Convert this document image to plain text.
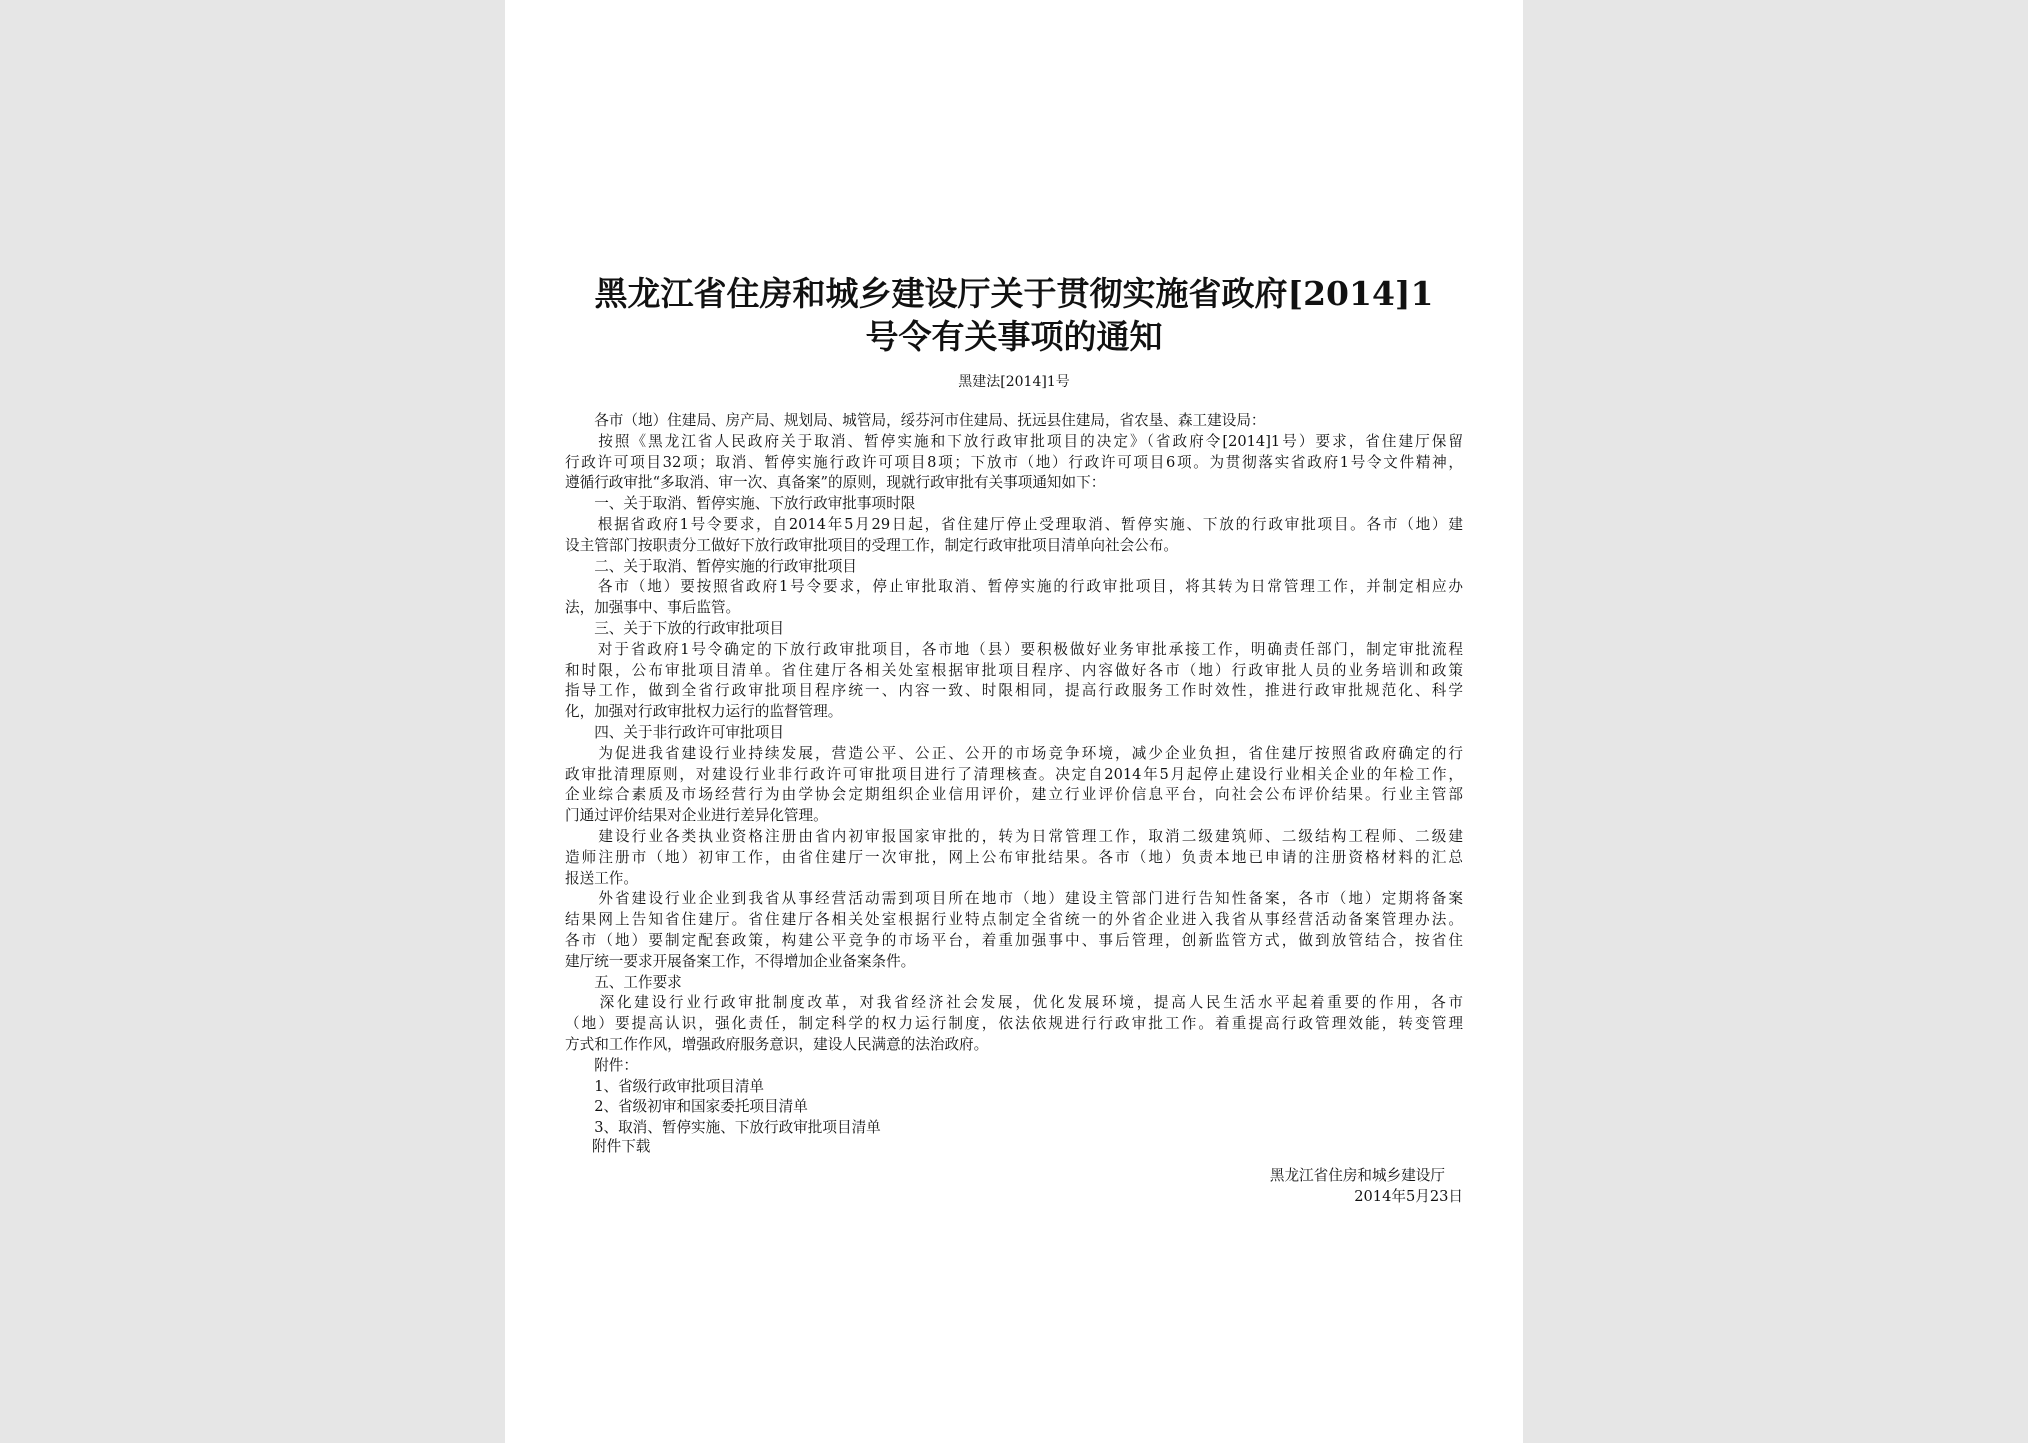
黑龙江省住房和城乡建设厅关于贯彻实施省政府[2014]1
号令有关事项的通知
黑建法[2014]1号
　　各市（地）住建局、房产局、规划局、城管局，绥芬河市住建局、抚远县住建局，省农垦、森工建设局：
　　按照《黑龙江省人民政府关于取消、暂停实施和下放行政审批项目的决定》（省政府令[2014]1号）要求，省住建厅保留
行政许可项目32项；取消、暂停实施行政许可项目8项；下放市（地）行政许可项目6项。为贯彻落实省政府1号令文件精神，
遵循行政审批“多取消、审一次、真备案”的原则，现就行政审批有关事项通知如下：
　　一、关于取消、暂停实施、下放行政审批事项时限
　　根据省政府1号令要求，自2014年5月29日起，省住建厅停止受理取消、暂停实施、下放的行政审批项目。各市（地）建
设主管部门按职责分工做好下放行政审批项目的受理工作，制定行政审批项目清单向社会公布。
　　二、关于取消、暂停实施的行政审批项目
　　各市（地）要按照省政府1号令要求，停止审批取消、暂停实施的行政审批项目，将其转为日常管理工作，并制定相应办
法，加强事中、事后监管。
　　三、关于下放的行政审批项目
　　对于省政府1号令确定的下放行政审批项目，各市地（县）要积极做好业务审批承接工作，明确责任部门，制定审批流程
和时限，公布审批项目清单。省住建厅各相关处室根据审批项目程序、内容做好各市（地）行政审批人员的业务培训和政策
指导工作，做到全省行政审批项目程序统一、内容一致、时限相同，提高行政服务工作时效性，推进行政审批规范化、科学
化，加强对行政审批权力运行的监督管理。
　　四、关于非行政许可审批项目
　　为促进我省建设行业持续发展，营造公平、公正、公开的市场竞争环境，减少企业负担，省住建厅按照省政府确定的行
政审批清理原则，对建设行业非行政许可审批项目进行了清理核查。决定自2014年5月起停止建设行业相关企业的年检工作，
企业综合素质及市场经营行为由学协会定期组织企业信用评价，建立行业评价信息平台，向社会公布评价结果。行业主管部
门通过评价结果对企业进行差异化管理。
　　建设行业各类执业资格注册由省内初审报国家审批的，转为日常管理工作，取消二级建筑师、二级结构工程师、二级建
造师注册市（地）初审工作，由省住建厅一次审批，网上公布审批结果。各市（地）负责本地已申请的注册资格材料的汇总
报送工作。
　　外省建设行业企业到我省从事经营活动需到项目所在地市（地）建设主管部门进行告知性备案，各市（地）定期将备案
结果网上告知省住建厅。省住建厅各相关处室根据行业特点制定全省统一的外省企业进入我省从事经营活动备案管理办法。
各市（地）要制定配套政策，构建公平竞争的市场平台，着重加强事中、事后管理，创新监管方式，做到放管结合，按省住
建厅统一要求开展备案工作，不得增加企业备案条件。
　　五、工作要求
　　深化建设行业行政审批制度改革，对我省经济社会发展，优化发展环境，提高人民生活水平起着重要的作用，各市
（地）要提高认识，强化责任，制定科学的权力运行制度，依法依规进行行政审批工作。着重提高行政管理效能，转变管理
方式和工作作风，增强政府服务意识，建设人民满意的法治政府。
　　附件：
　　1、省级行政审批项目清单
　　2、省级初审和国家委托项目清单
　　3、取消、暂停实施、下放行政审批项目清单
附件下载
黑龙江省住房和城乡建设厅
2014年5月23日
